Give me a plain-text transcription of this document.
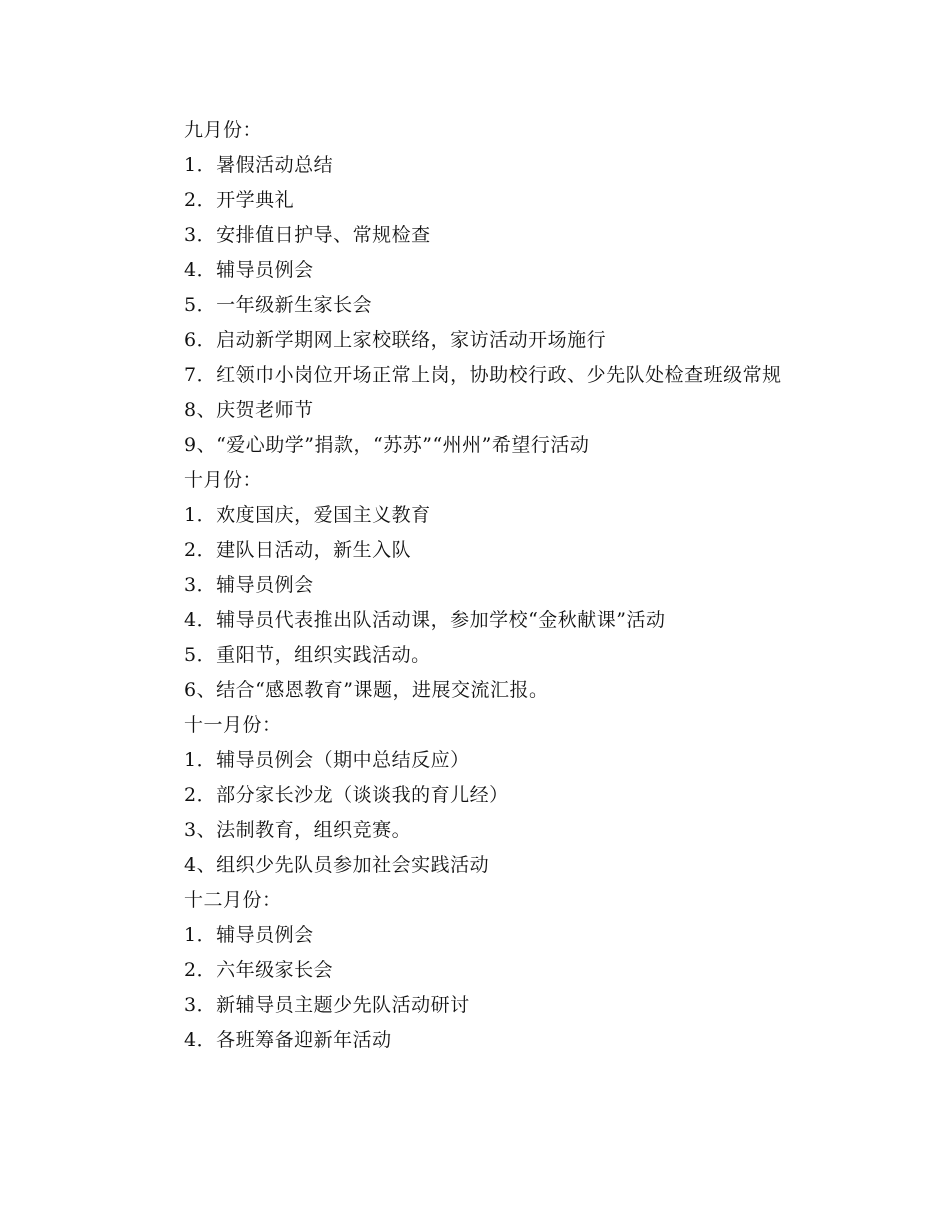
九月份：

1．暑假活动总结

2．开学典礼

3．安排值日护导、常规检查

4．辅导员例会

5．一年级新生家长会

6．启动新学期网上家校联络，家访活动开场施行

7．红领巾小岗位开场正常上岗，协助校行政、少先队处检查班级常规

8、庆贺老师节

9、“爱心助学”捐款，“苏苏”“州州”希望行活动

十月份：

1．欢度国庆，爱国主义教育

2．建队日活动，新生入队

3．辅导员例会

4．辅导员代表推出队活动课，参加学校“金秋献课”活动

5．重阳节，组织实践活动。

6、结合“感恩教育”课题，进展交流汇报。

十一月份：

1．辅导员例会（期中总结反应）

2．部分家长沙龙（谈谈我的育儿经）

3、法制教育，组织竞赛。

4、组织少先队员参加社会实践活动

十二月份：

1．辅导员例会

2．六年级家长会

3．新辅导员主题少先队活动研讨

4．各班筹备迎新年活动
